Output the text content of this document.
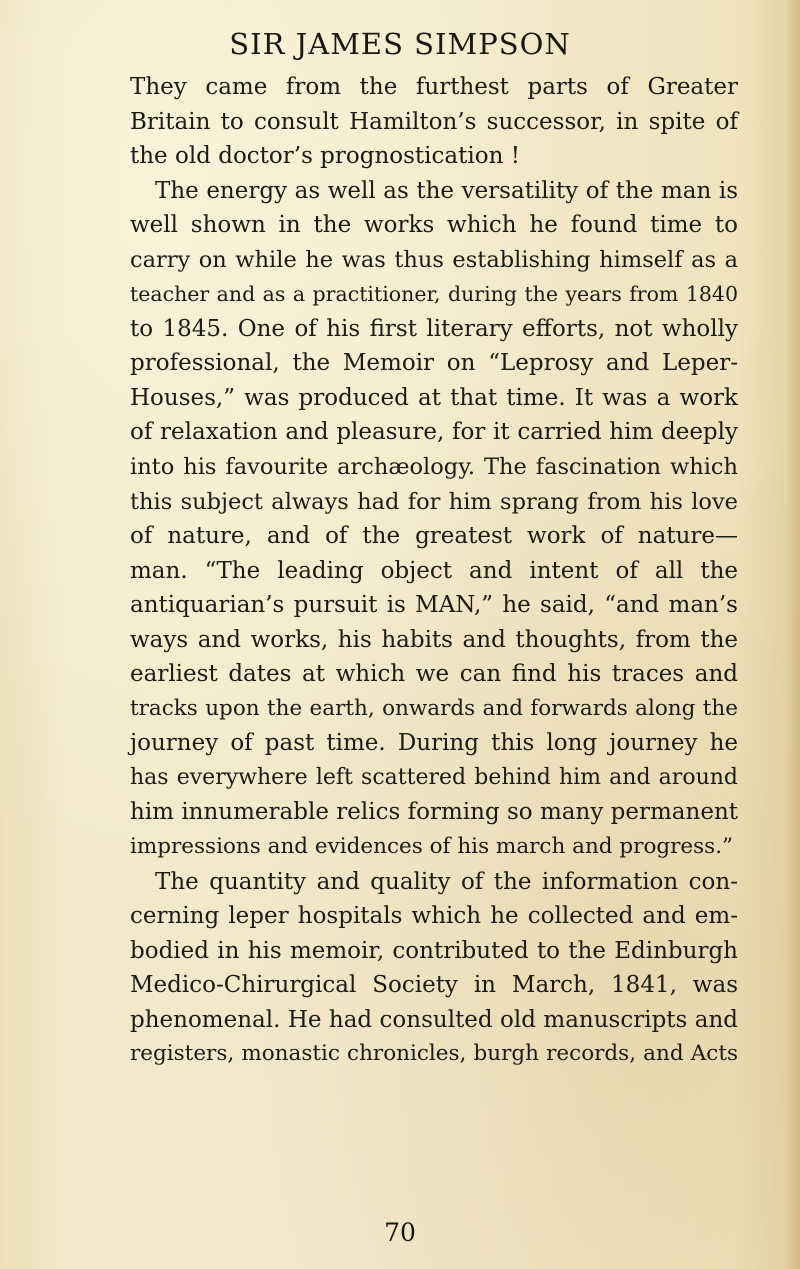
SIR JAMES SIMPSON
They came from the furthest parts of Greater
Britain to consult Hamilton’s successor, in spite of
the old doctor’s prognostication !
The energy as well as the versatility of the man is
well shown in the works which he found time to
carry on while he was thus establishing himself as a
teacher and as a practitioner, during the years from 1840
to 1845. One of his first literary efforts, not wholly
professional, the Memoir on “Leprosy and Leper-
Houses,” was produced at that time. It was a work
of relaxation and pleasure, for it carried him deeply
into his favourite archæology. The fascination which
this subject always had for him sprang from his love
of nature, and of the greatest work of nature—
man. “The leading object and intent of all the
antiquarian’s pursuit is MAN,” he said, “and man’s
ways and works, his habits and thoughts, from the
earliest dates at which we can find his traces and
tracks upon the earth, onwards and forwards along the
journey of past time. During this long journey he
has everywhere left scattered behind him and around
him innumerable relics forming so many permanent
impressions and evidences of his march and progress.”
The quantity and quality of the information con-
cerning leper hospitals which he collected and em-
bodied in his memoir, contributed to the Edinburgh
Medico-Chirurgical Society in March, 1841, was
phenomenal. He had consulted old manuscripts and
registers, monastic chronicles, burgh records, and Acts
70
